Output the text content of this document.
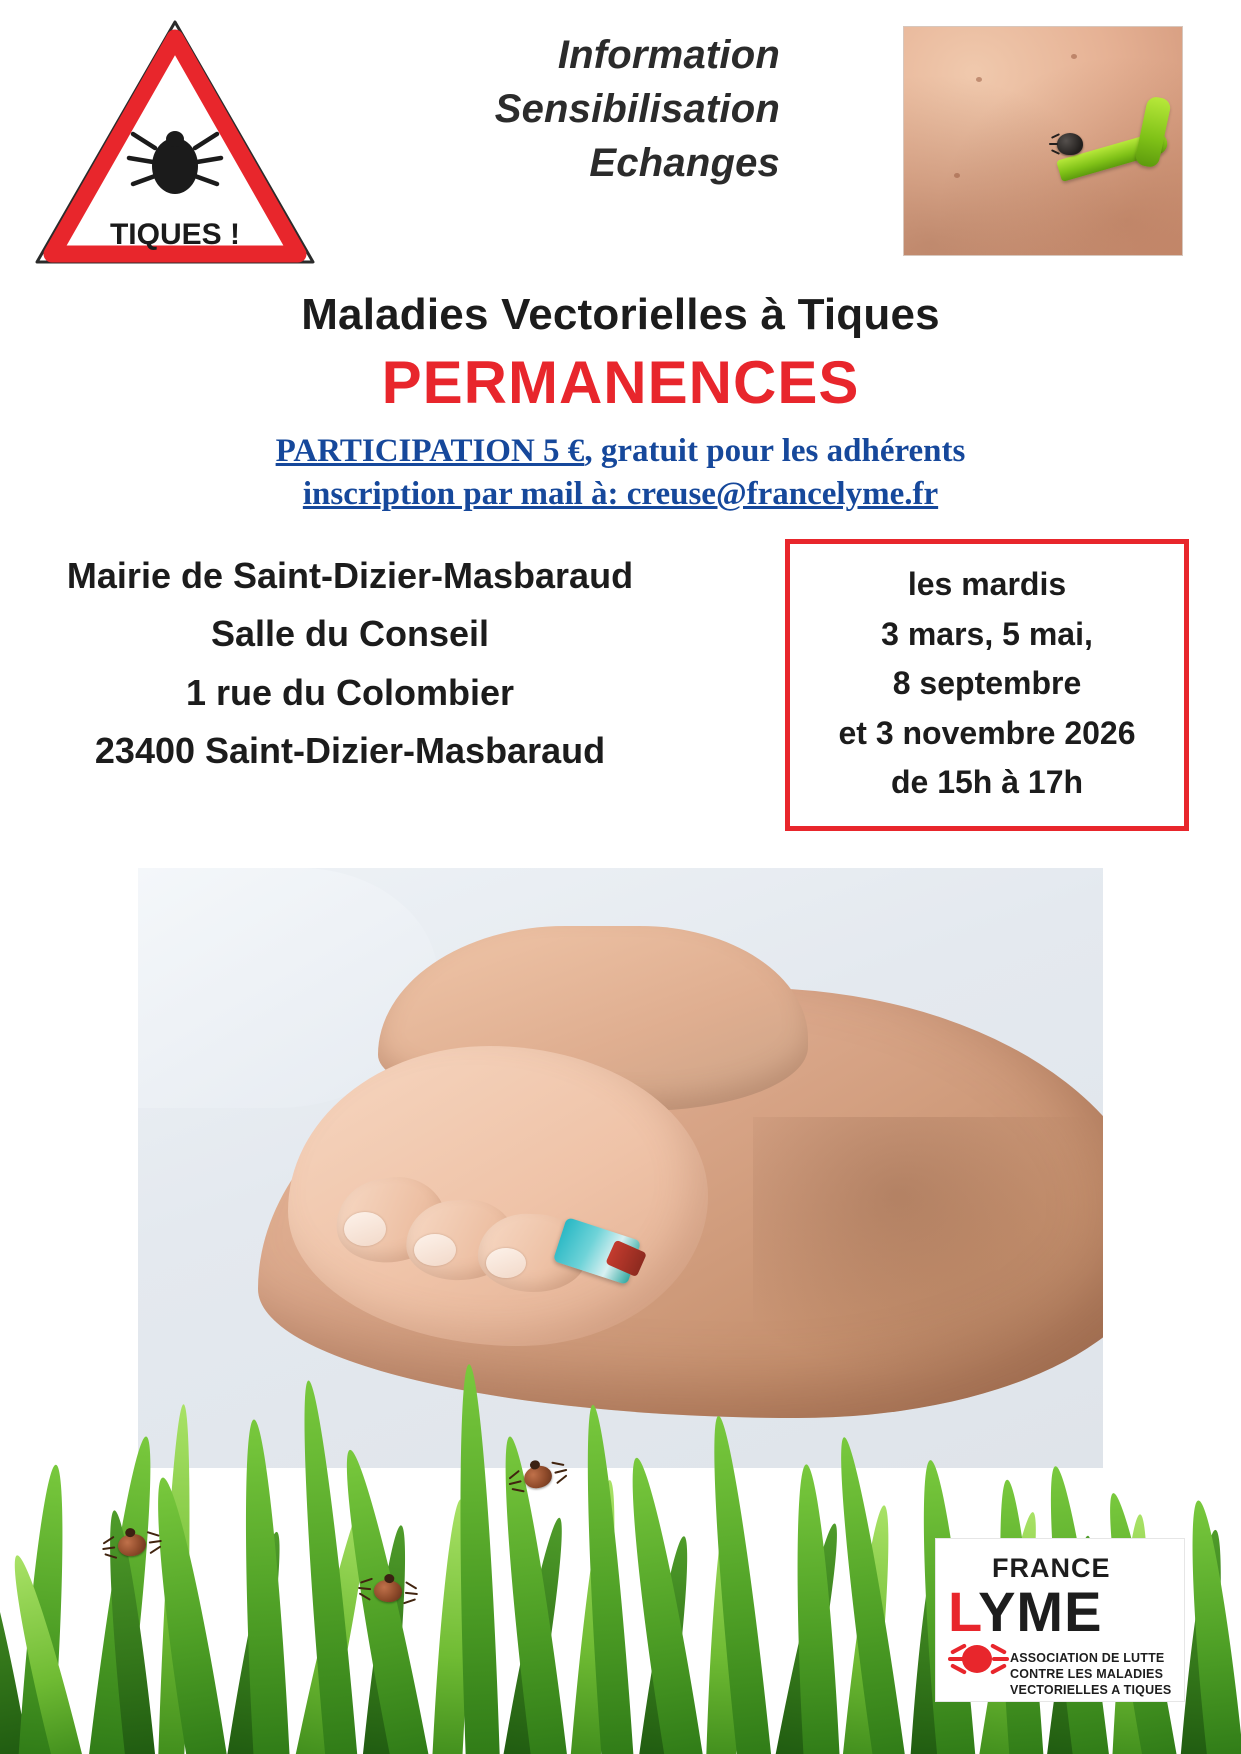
TIQUES !
Information
Sensibilisation
Echanges
Maladies Vectorielles à Tiques
PERMANENCES
PARTICIPATION 5 €, gratuit pour les adhérents
inscription par mail à: creuse@francelyme.fr
Mairie de Saint-Dizier-Masbaraud
Salle du Conseil
1 rue du Colombier
23400 Saint-Dizier-Masbaraud
les mardis
3 mars, 5 mai,
8 septembre
et 3 novembre 2026
de 15h à 17h
FRANCE
LYME
ASSOCIATION DE LUTTE
CONTRE LES MALADIES
VECTORIELLES A TIQUES
